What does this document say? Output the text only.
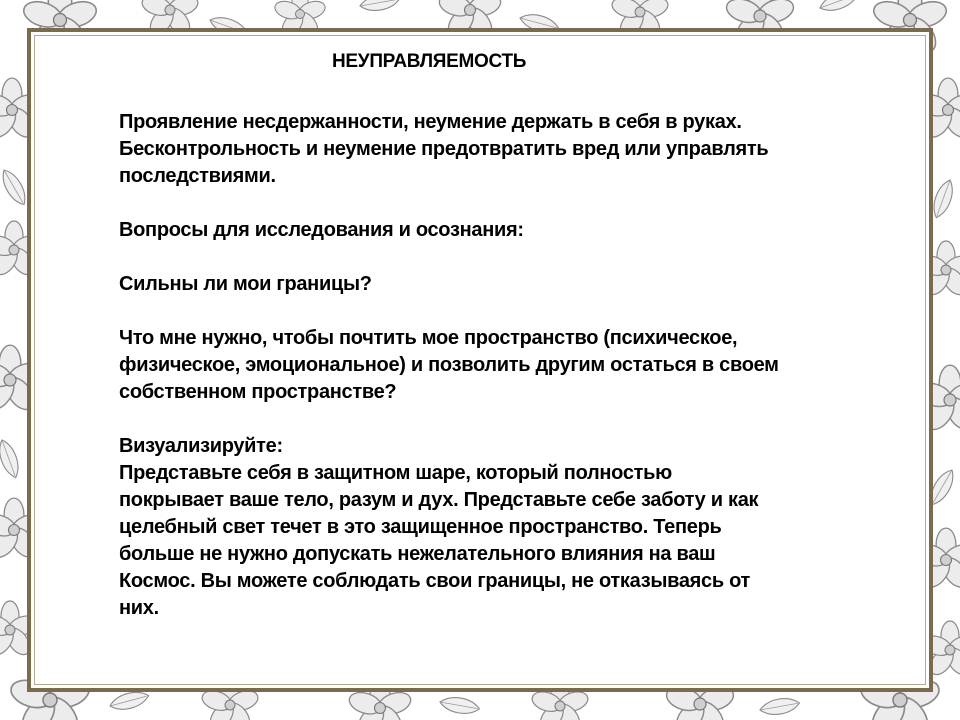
НЕУПРАВЛЯЕМОСТЬ

Проявление несдержанности, неумение держать в себя в руках.

Бесконтрольность и неумение предотвратить вред или управлять

последствиями.

Вопросы для исследования и осознания:

Сильны ли мои границы?

Что мне нужно, чтобы почтить мое пространство (психическое,

физическое, эмоциональное) и позволить другим остаться в своем

собственном пространстве?

Визуализируйте:

Представьте себя в защитном шаре, который полностью

покрывает ваше тело, разум и дух. Представьте себе заботу и как

целебный свет течет в это защищенное пространство. Теперь

больше не нужно допускать нежелательного влияния на ваш

Космос. Вы можете соблюдать свои границы, не отказываясь от

них.
